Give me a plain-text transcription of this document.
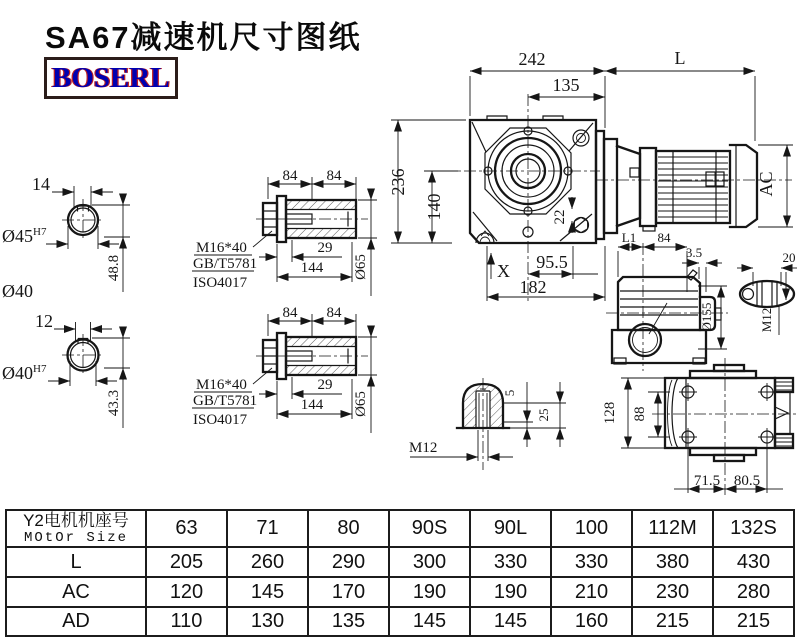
SA67减速机尺寸图纸
BOSERL
14
$Ø45^{H7}$
48.8
Ø40
12
$Ø40^{H7}$
43.3
84 84
M16*40
GB/T5781
ISO4017
29
144 Ø65
84 84
M16*40
GB/T5781
ISO4017
29
144 Ø65
22
242	L
135
236
140
95.5
X
182
AC
L1 84
3.5
Ø155
20
M12
M12
5
25	128 88
71.5 80.5
Y2电机机座号
MOtOr Size	63	71	80	90S	90L	100	112M	132S
L	205	260	290	300	330	330	380	430
AC	120	145	170	190	190	210	230	280
AD	110	130	135	145	145	160	215	215
